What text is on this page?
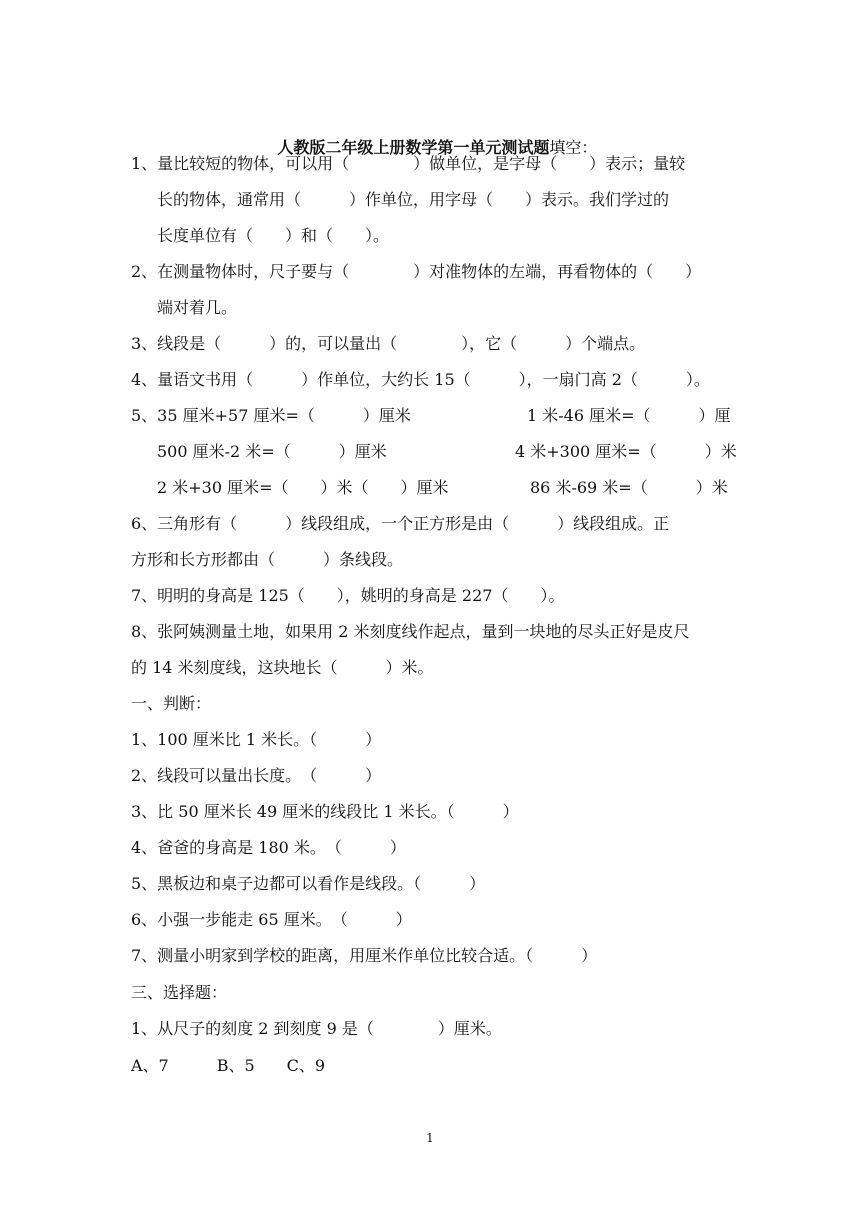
人教版二年级上册数学第一单元测试题填空：

1、量比较短的物体，可以用（　　　　）做单位，是字母（　　）表示；量较
长的物体，通常用（　　　）作单位，用字母（　　）表示。我们学过的
长度单位有（　　）和（　　）。
2、在测量物体时，尺子要与（　　　　）对准物体的左端，再看物体的（　　）
端对着几。
3、线段是（　　　）的，可以量出（　　　　），它（　　　）个端点。
4、量语文书用（　　　）作单位，大约长 15（　　　），一扇门高 2（　　　）。
5、35 厘米+57 厘米=（　　　）厘米	1 米-46 厘米=（　　　）厘
500 厘米-2 米=（　　　）厘米	4 米+300 厘米=（　　　）米
2 米+30 厘米=（　　）米（　　）厘米	86 米-69 米=（　　　）米
6、三角形有（　　　）线段组成，一个正方形是由（　　　）线段组成。正
方形和长方形都由（　　　）条线段。
7、明明的身高是 125（　　），姚明的身高是 227（　　）。
8、张阿姨测量土地，如果用 2 米刻度线作起点，量到一块地的尽头正好是皮尺
的 14 米刻度线，这块地长（　　　）米。
一、判断：
1、100 厘米比 1 米长。（　　　）
2、线段可以量出长度。　（　　　）
3、比 50 厘米长 49 厘米的线段比 1 米长。（　　　）
4、爸爸的身高是 180 米。　（　　　）
5、黑板边和桌子边都可以看作是线段。（　　　）
6、小强一步能走 65 厘米。　（　　　）
7、测量小明家到学校的距离，用厘米作单位比较合适。（　　　）
三、选择题：
1、从尺子的刻度 2 到刻度 9 是（　　　　）厘米。
A、7　　　B、5　　C、9
1
